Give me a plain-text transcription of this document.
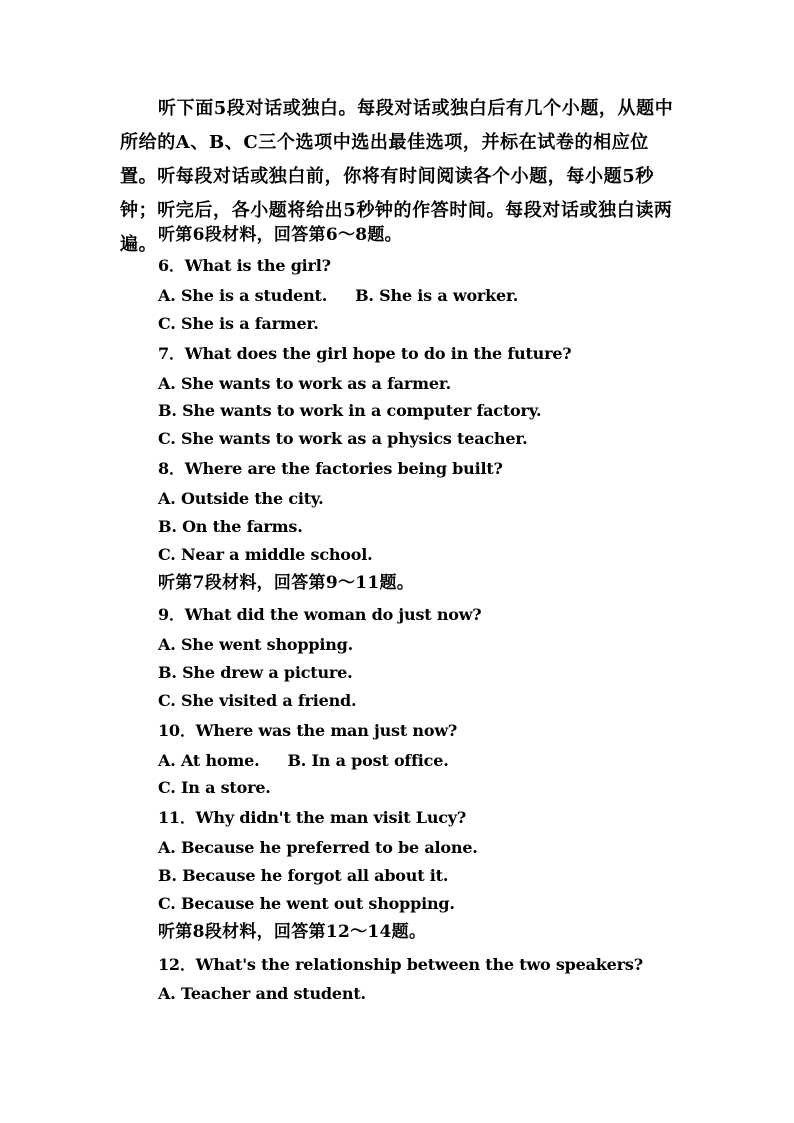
听下面5段对话或独白。每段对话或独白后有几个小题，从题中所给的A、B、C三个选项中选出最佳选项，并标在试卷的相应位置。听每段对话或独白前，你将有时间阅读各个小题，每小题5秒钟；听完后，各小题将给出5秒钟的作答时间。每段对话或独白读两遍。 听第6段材料，回答第6～8题。
6．What is the girl?
A. She is a student. B. She is a worker.
C. She is a farmer.
7．What does the girl hope to do in the future?
A. She wants to work as a farmer.
B. She wants to work in a computer factory.
C. She wants to work as a physics teacher.
8．Where are the factories being built?
A. Outside the city.
B. On the farms.
C. Near a middle school.
听第7段材料，回答第9～11题。
9．What did the woman do just now?
A. She went shopping.
B. She drew a picture.
C. She visited a friend.
10．Where was the man just now?
A. At home. B. In a post office.
C. In a store.
11．Why didn't the man visit Lucy?
A. Because he preferred to be alone.
B. Because he forgot all about it.
C. Because he went out shopping.
听第8段材料，回答第12～14题。
12．What's the relationship between the two speakers?
A. Teacher and student.
